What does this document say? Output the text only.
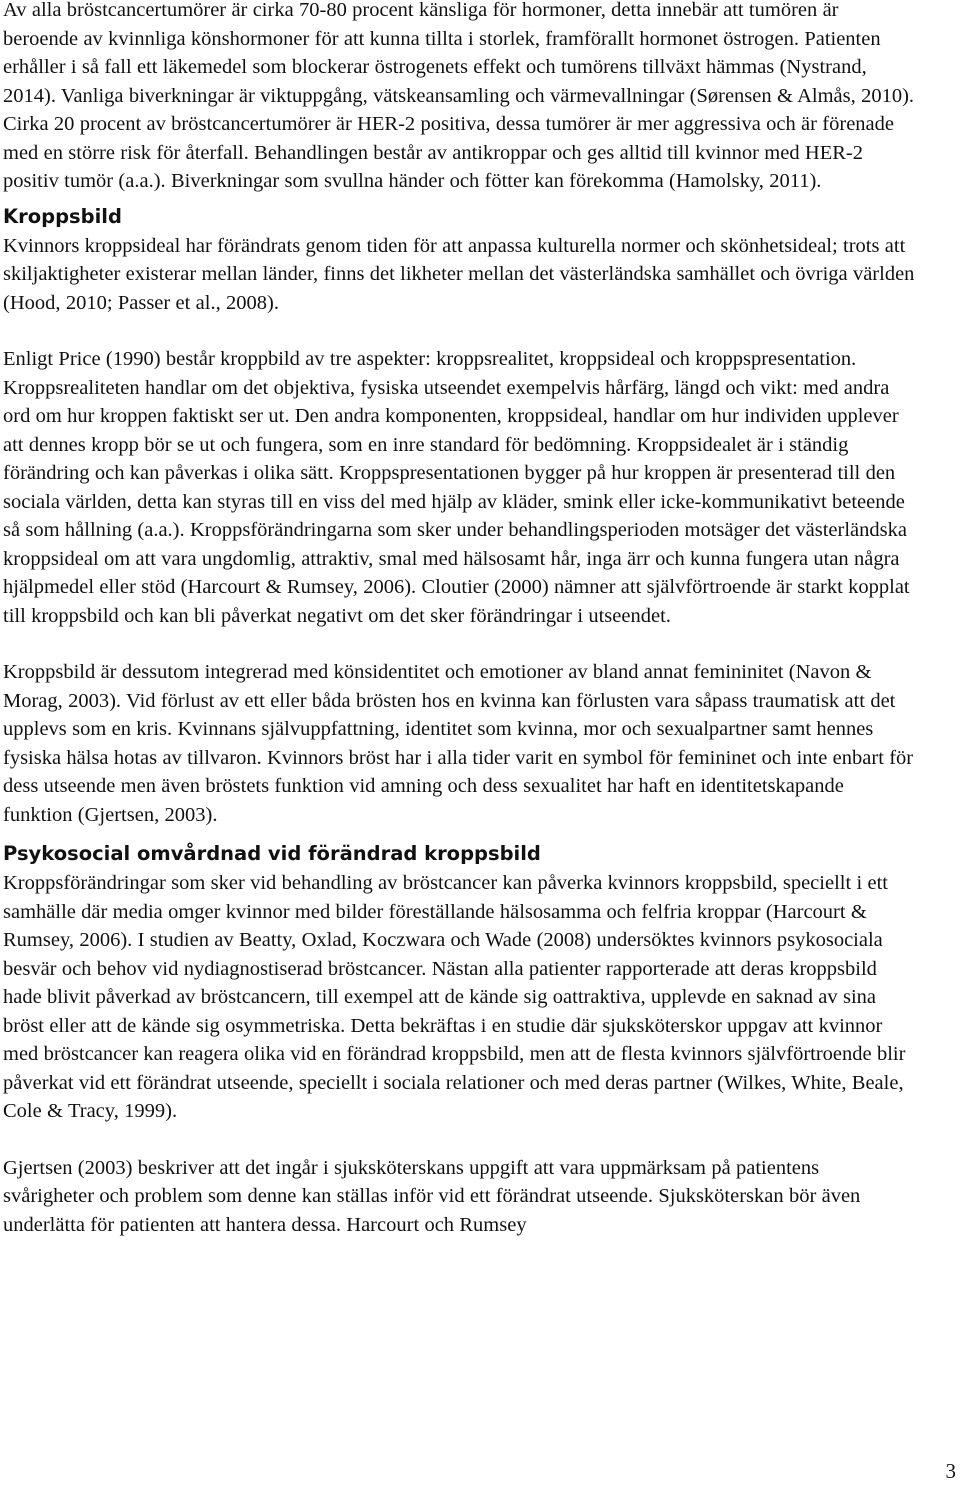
Av alla bröstcancertumörer är cirka 70-80 procent känsliga för hormoner, detta innebär att tumören är beroende av kvinnliga könshormoner för att kunna tillta i storlek, framförallt hormonet östrogen. Patienten erhåller i så fall ett läkemedel som blockerar östrogenets effekt och tumörens tillväxt hämmas (Nystrand, 2014). Vanliga biverkningar är viktuppgång, vätskeansamling och värmevallningar (Sørensen & Almås, 2010). Cirka 20 procent av bröstcancertumörer är HER-2 positiva, dessa tumörer är mer aggressiva och är förenade med en större risk för återfall. Behandlingen består av antikroppar och ges alltid till kvinnor med HER-2 positiv tumör (a.a.). Biverkningar som svullna händer och fötter kan förekomma (Hamolsky, 2011).

Kroppsbild

Kvinnors kroppsideal har förändrats genom tiden för att anpassa kulturella normer och skönhetsideal; trots att skiljaktigheter existerar mellan länder, finns det likheter mellan det västerländska samhället och övriga världen (Hood, 2010; Passer et al., 2008).

Enligt Price (1990) består kroppbild av tre aspekter: kroppsrealitet, kroppsideal och kroppspresentation. Kroppsrealiteten handlar om det objektiva, fysiska utseendet exempelvis hårfärg, längd och vikt: med andra ord om hur kroppen faktiskt ser ut. Den andra komponenten, kroppsideal, handlar om hur individen upplever att dennes kropp bör se ut och fungera, som en inre standard för bedömning. Kroppsidealet är i ständig förändring och kan påverkas i olika sätt. Kroppspresentationen bygger på hur kroppen är presenterad till den sociala världen, detta kan styras till en viss del med hjälp av kläder, smink eller icke-kommunikativt beteende så som hållning (a.a.). Kroppsförändringarna som sker under behandlingsperioden motsäger det västerländska kroppsideal om att vara ungdomlig, attraktiv, smal med hälsosamt hår, inga ärr och kunna fungera utan några hjälpmedel eller stöd (Harcourt & Rumsey, 2006). Cloutier (2000) nämner att självförtroende är starkt kopplat till kroppsbild och kan bli påverkat negativt om det sker förändringar i utseendet.

Kroppsbild är dessutom integrerad med könsidentitet och emotioner av bland annat femininitet (Navon & Morag, 2003). Vid förlust av ett eller båda brösten hos en kvinna kan förlusten vara såpass traumatisk att det upplevs som en kris. Kvinnans självuppfattning, identitet som kvinna, mor och sexualpartner samt hennes fysiska hälsa hotas av tillvaron. Kvinnors bröst har i alla tider varit en symbol för femininet och inte enbart för dess utseende men även bröstets funktion vid amning och dess sexualitet har haft en identitetskapande funktion (Gjertsen, 2003).

Psykosocial omvårdnad vid förändrad kroppsbild

Kroppsförändringar som sker vid behandling av bröstcancer kan påverka kvinnors kroppsbild, speciellt i ett samhälle där media omger kvinnor med bilder föreställande hälsosamma och felfria kroppar (Harcourt & Rumsey, 2006). I studien av Beatty, Oxlad, Koczwara och Wade (2008) undersöktes kvinnors psykosociala besvär och behov vid nydiagnostiserad bröstcancer. Nästan alla patienter rapporterade att deras kroppsbild hade blivit påverkad av bröstcancern, till exempel att de kände sig oattraktiva, upplevde en saknad av sina bröst eller att de kände sig osymmetriska. Detta bekräftas i en studie där sjuksköterskor uppgav att kvinnor med bröstcancer kan reagera olika vid en förändrad kroppsbild, men att de flesta kvinnors självförtroende blir påverkat vid ett förändrat utseende, speciellt i sociala relationer och med deras partner (Wilkes, White, Beale, Cole & Tracy, 1999).

Gjertsen (2003) beskriver att det ingår i sjuksköterskans uppgift att vara uppmärksam på patientens svårigheter och problem som denne kan ställas inför vid ett förändrat utseende. Sjuksköterskan bör även underlätta för patienten att hantera dessa. Harcourt och Rumsey

3
